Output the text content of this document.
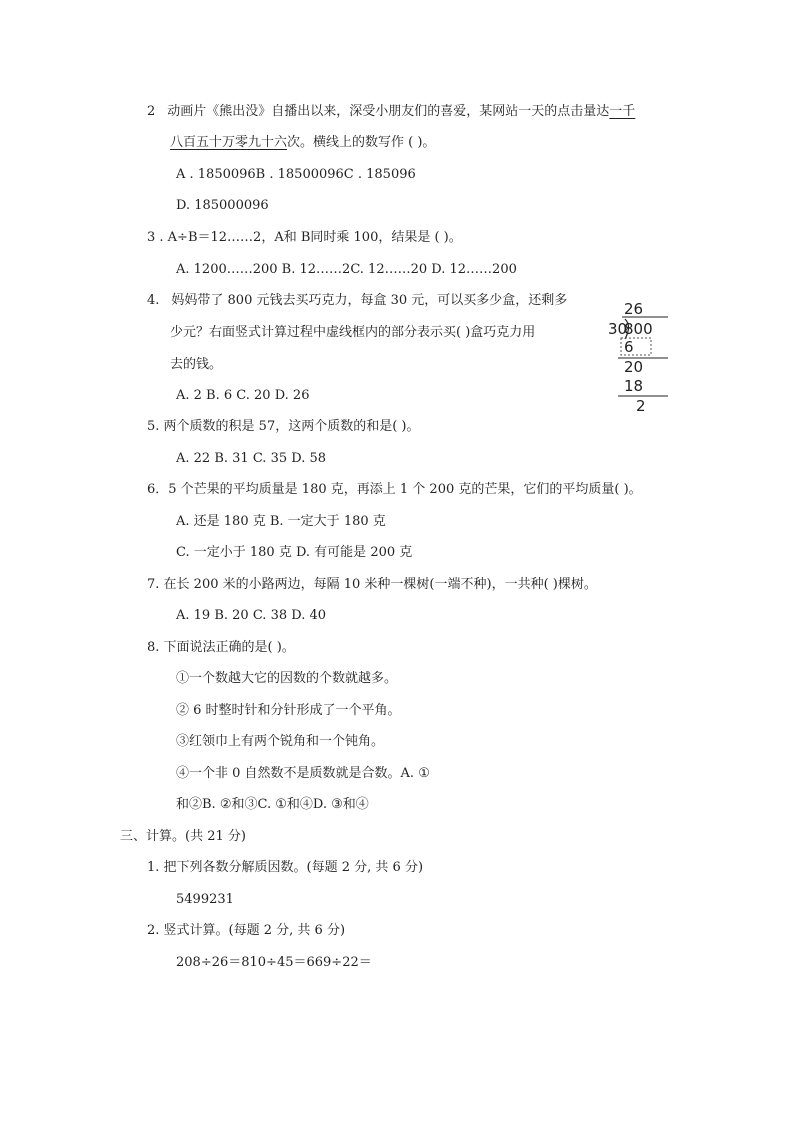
2 动画片《熊出没》自播出以来，深受小朋友们的喜爱，某网站一天的点击量达一千
八百五十万零九十六次。横线上的数写作 ( )。
A . 1850096B . 18500096C . 185096
D. 185000096
3 . A÷B＝12……2，A和 B同时乘 100，结果是 ( )。
A. 1200……200 B. 12……2C. 12……20 D. 12……200
4. 妈妈带了 800 元钱去买巧克力，每盒 30 元，可以买多少盒，还剩多
少元？右面竖式计算过程中虚线框内的部分表示买( )盒巧克力用
去的钱。
A. 2 B. 6 C. 20 D. 26
26
30
800
6
20
18
2
5. 两个质数的积是 57，这两个质数的和是( )。
A. 22 B. 31 C. 35 D. 58
6．5 个芒果的平均质量是 180 克，再添上 1 个 200 克的芒果，它们的平均质量( )。
A. 还是 180 克 B. 一定大于 180 克
C. 一定小于 180 克 D. 有可能是 200 克
7. 在长 200 米的小路两边，每隔 10 米种一棵树(一端不种)，一共种( )棵树。
A. 19 B. 20 C. 38 D. 40
8. 下面说法正确的是( )。
①一个数越大它的因数的个数就越多。
② 6 时整时针和分针形成了一个平角。
③红领巾上有两个锐角和一个钝角。
④一个非 0 自然数不是质数就是合数。A. ①
和②B. ②和③C. ①和④D. ③和④
三、计算。(共 21 分)
1. 把下列各数分解质因数。(每题 2 分, 共 6 分)
5499231
2. 竖式计算。(每题 2 分, 共 6 分)
208÷26＝810÷45＝669÷22＝
